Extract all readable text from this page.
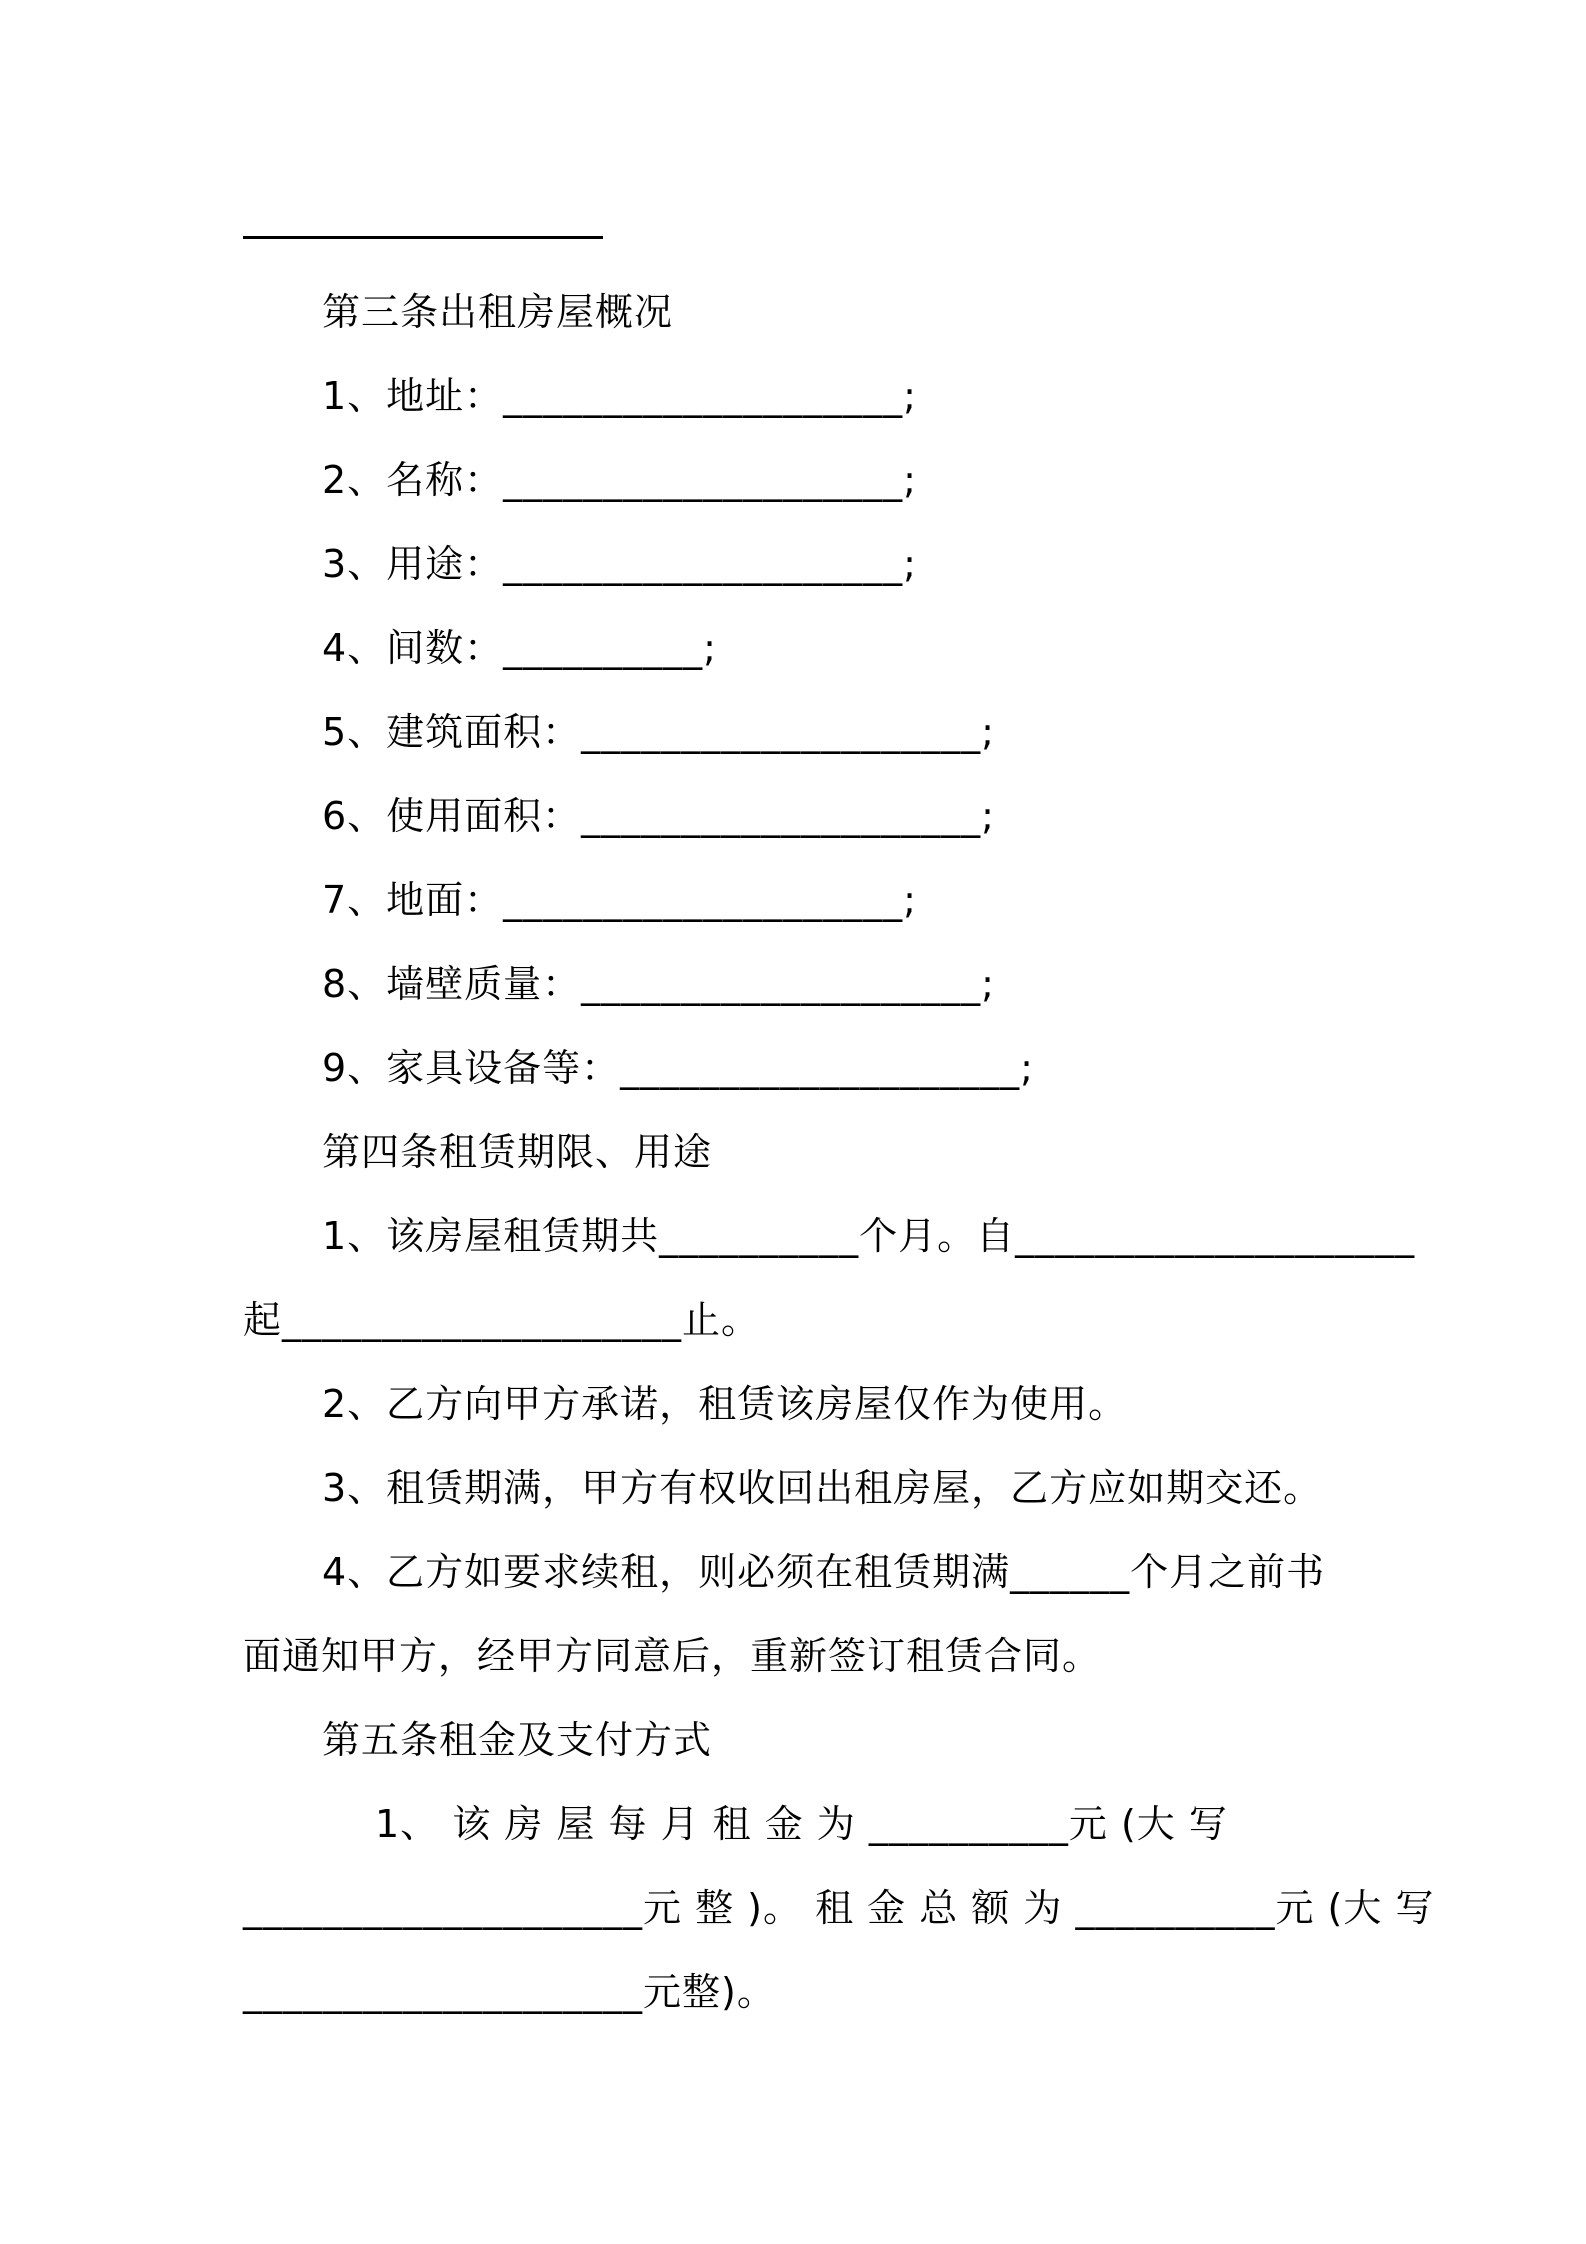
第三条出租房屋概况
1、地址：____________________;
2、名称：____________________;
3、用途：____________________;
4、间数：__________;
5、建筑面积：____________________;
6、使用面积：____________________;
7、地面：____________________;
8、墙壁质量：____________________;
9、家具设备等：____________________;
第四条租赁期限、用途
1、该房屋租赁期共__________个月。自____________________
起____________________止。
2、乙方向甲方承诺，租赁该房屋仅作为使用。
3、租赁期满，甲方有权收回出租房屋，乙方应如期交还。
4、乙方如要求续租，则必须在租赁期满______个月之前书
面通知甲方，经甲方同意后，重新签订租赁合同。
第五条租金及支付方式
1、 该 房 屋 每 月 租 金 为 __________元 (大 写
____________________元 整 )。 租 金 总 额 为 __________元 (大 写
____________________元整)。
